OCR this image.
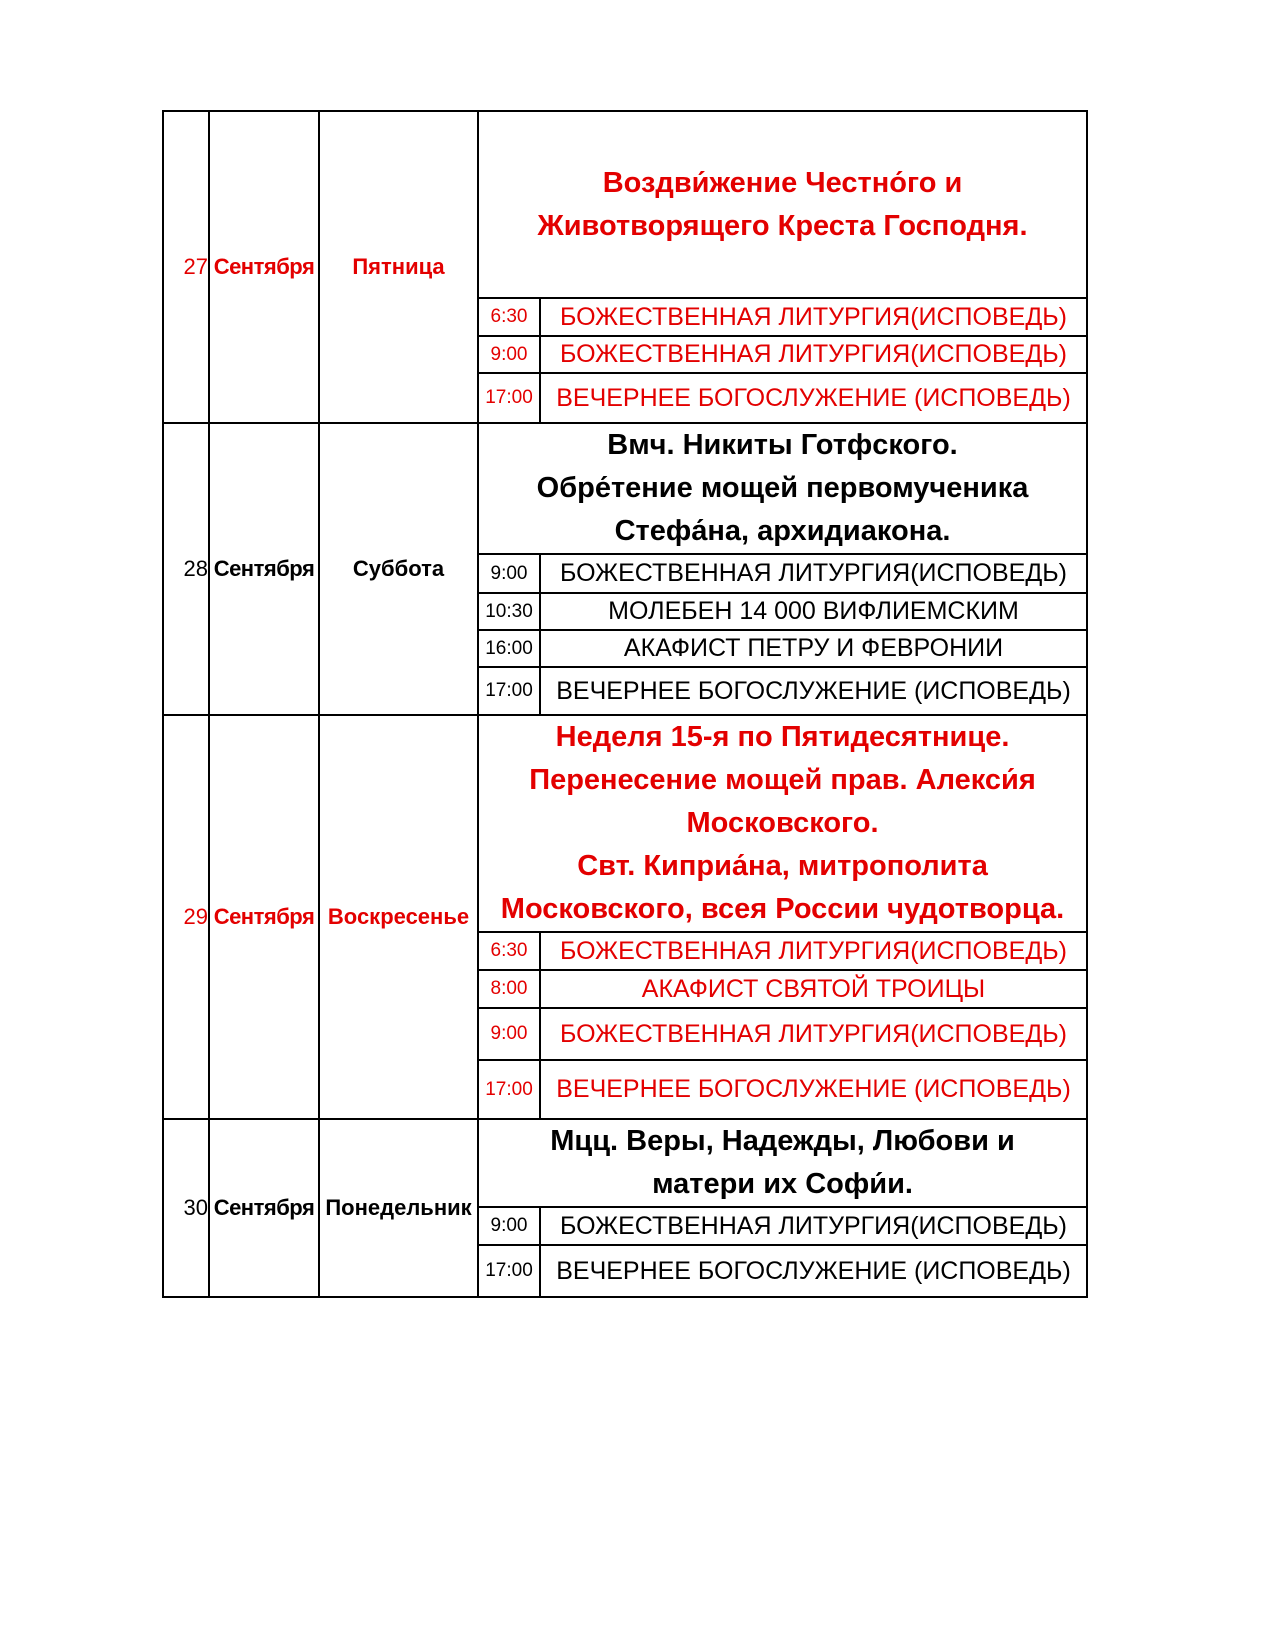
27	Сентября	Пятница	Воздви́жение Честно́го и

Животворящего Креста Господня.	

			6:30	БОЖЕСТВЕННАЯ ЛИТУРГИЯ(ИСПОВЕДЬ)
			9:00	БОЖЕСТВЕННАЯ ЛИТУРГИЯ(ИСПОВЕДЬ)
			17:00	ВЕЧЕРНЕЕ БОГОСЛУЖЕНИЕ (ИСПОВЕДЬ)
28	Сентября	Суббота	Вмч. Никиты Готфского.

Обре́тение мощей первомученика

Стефа́на, архидиакона.	

			9:00	БОЖЕСТВЕННАЯ ЛИТУРГИЯ(ИСПОВЕДЬ)
			10:30	МОЛЕБЕН 14 000 ВИФЛИЕМСКИМ
			16:00	АКАФИСТ ПЕТРУ И ФЕВРОНИИ
			17:00	ВЕЧЕРНЕЕ БОГОСЛУЖЕНИЕ (ИСПОВЕДЬ)
29	Сентября	Воскресенье	Неделя 15-я по Пятидесятнице.

Перенесение мощей прав. Алекси́я

Московского.

Свт. Киприа́на, митрополита

Московского, всея России чудотворца.	

			6:30	БОЖЕСТВЕННАЯ ЛИТУРГИЯ(ИСПОВЕДЬ)
			8:00	АКАФИСТ СВЯТОЙ ТРОИЦЫ
			9:00	БОЖЕСТВЕННАЯ ЛИТУРГИЯ(ИСПОВЕДЬ)
			17:00	ВЕЧЕРНЕЕ БОГОСЛУЖЕНИЕ (ИСПОВЕДЬ)
30	Сентября	Понедельник	Мцц. Веры, Надежды, Любови и

матери их Софи́и.	

			9:00	БОЖЕСТВЕННАЯ ЛИТУРГИЯ(ИСПОВЕДЬ)
			17:00	ВЕЧЕРНЕЕ БОГОСЛУЖЕНИЕ (ИСПОВЕДЬ)
